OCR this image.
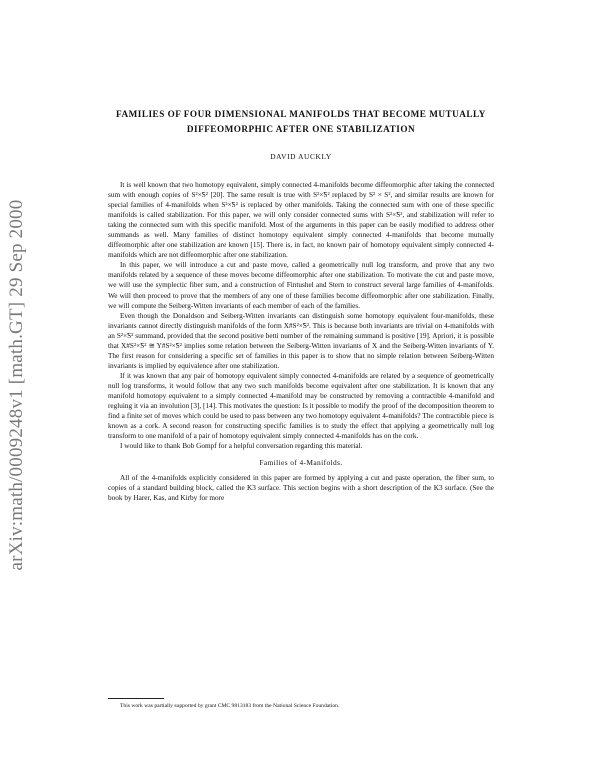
arXiv:math/0009248v1 [math.GT] 29 Sep 2000
FAMILIES OF FOUR DIMENSIONAL MANIFOLDS THAT BECOME MUTUALLY DIFFEOMORPHIC AFTER ONE STABILIZATION
DAVID AUCKLY

It is well known that two homotopy equivalent, simply connected 4-manifolds become diffeomorphic after taking the connected sum with enough copies of S²×̃S² [20]. The same result is true with S²×̃S² replaced by S² × S², and similar results are known for special families of 4-manifolds when S²×̃S² is replaced by other manifolds. Taking the connected sum with one of these specific manifolds is called stabilization. For this paper, we will only consider connected sums with S²×̃S², and stabilization will refer to taking the connected sum with this specific manifold. Most of the arguments in this paper can be easily modified to address other summands as well. Many families of distinct homotopy equivalent simply connected 4-manifolds that become mutually diffeomorphic after one stabilization are known [15]. There is, in fact, no known pair of homotopy equivalent simply connected 4-manifolds which are not diffeomorphic after one stabilization.

In this paper, we will introduce a cut and paste move, called a geometrically null log transform, and prove that any two manifolds related by a sequence of these moves become diffeomorphic after one stabilization. To motivate the cut and paste move, we will use the symplectic fiber sum, and a construction of Fintushel and Stern to construct several large families of 4-manifolds. We will then proceed to prove that the members of any one of these families become diffeomorphic after one stabilization. Finally, we will compute the Seiberg-Witten invariants of each member of each of the families.

Even though the Donaldson and Seiberg-Witten invariants can distinguish some homotopy equivalent four-manifolds, these invariants cannot directly distinguish manifolds of the form X#S²×̃S². This is because both invariants are trivial on 4-manifolds with an S²×̃S² summand, provided that the second positive betti number of the remaining summand is positive [19]. Apriori, it is possible that X#S²×̃S² ≅ Y#S²×̃S² implies some relation between the Seiberg-Witten invariants of X and the Seiberg-Witten invariants of Y. The first reason for considering a specific set of families in this paper is to show that no simple relation between Seiberg-Witten invariants is implied by equivalence after one stabilization.

If it was known that any pair of homotopy equivalent simply connected 4-manifolds are related by a sequence of geometrically null log transforms, it would follow that any two such manifolds become equivalent after one stabilization. It is known that any manifold homotopy equivalent to a simply connected 4-manifold may be constructed by removing a contractible 4-manifold and regluing it via an involution [3], [14]. This motivates the question: Is it possible to modify the proof of the decomposition theorem to find a finite set of moves which could be used to pass between any two homotopy equivalent 4-manifolds? The contractible piece is known as a cork. A second reason for constructing specific families is to study the effect that applying a geometrically null log transform to one manifold of a pair of homotopy equivalent simply connected 4-manifolds has on the cork.

I would like to thank Bob Gompf for a helpful conversation regarding this material.

Families of 4-Manifolds.

All of the 4-manifolds explicitly considered in this paper are formed by applying a cut and paste operation, the fiber sum, to copies of a standard building block, called the K3 surface. This section begins with a short description of the K3 surface. (See the book by Harer, Kas, and Kirby for more

This work was partially supported by grant CMC 9813183 from the National Science Foundation.
